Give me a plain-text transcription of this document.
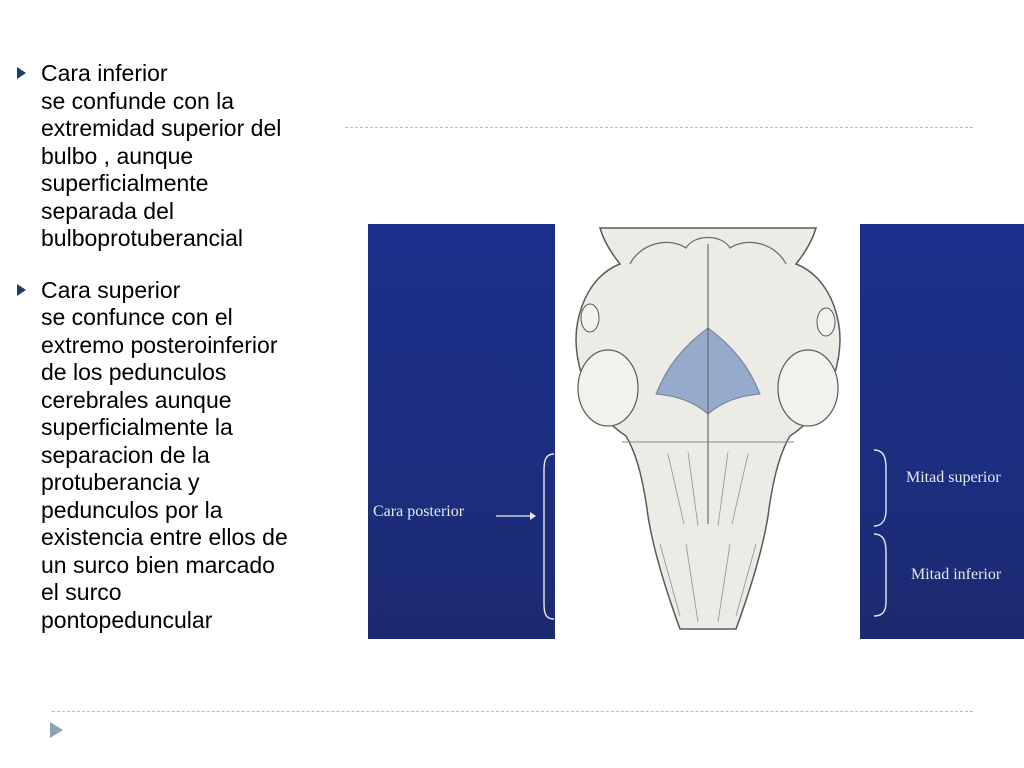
Cara inferior
se confunde con la
extremidad superior del
bulbo , aunque
superficialmente
separada del
bulboprotuberancial
Cara superior
se confunce con el
extremo posteroinferior
de los pedunculos
cerebrales aunque
superficialmente la
separacion de la
protuberancia y
pedunculos por la
existencia entre ellos de
un surco bien marcado
el surco
pontopeduncular
Cara posterior
Mitad superior
Mitad inferior
